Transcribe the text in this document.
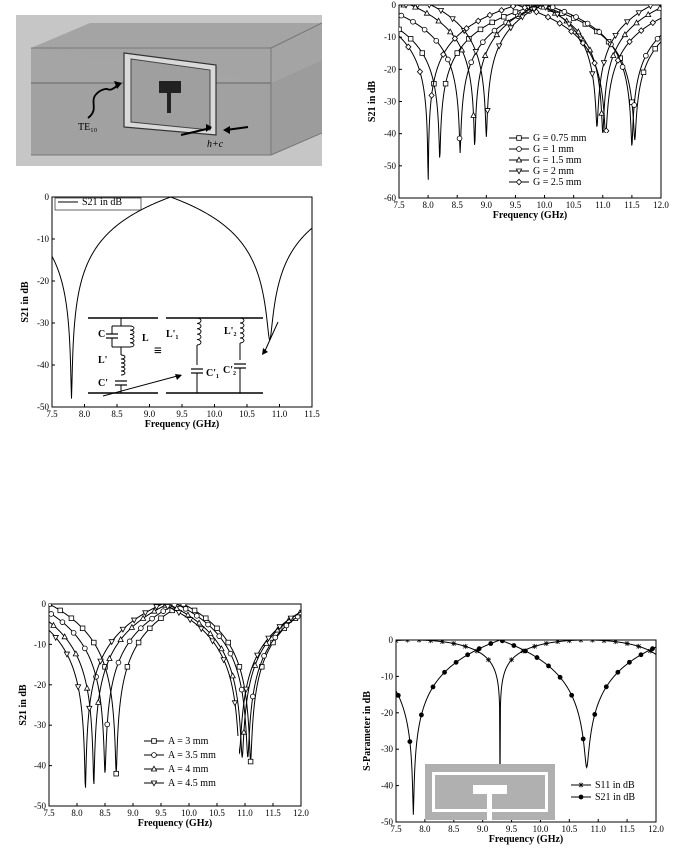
TE₁₀
h+c
7.5 8.0 8.5 9.0 9.5 10.0 10.5 11.0 11.5 12.0
0
-10
-20
-30
-40
-50
-60
Frequency (GHz)
S21 in dB
G = 0.75 mm
G = 1 mm
G = 1.5 mm
G = 2 mm
G = 2.5 mm
7.5 8.0 8.5 9.0 9.5 10.0 10.5 11.0 11.5
0
-10
-20
-30
-40
-50
Frequency (GHz)
S21 in dB
S21 in dB
C	L
L'
C'
L'₁
C'₁
L'₂
C'₂
≡
7.5 8.0 8.5 9.0 9.5 10.0 10.5 11.0 11.5 12.0
0
-10
-20
-30
-40
-50
Frequency (GHz)
S21 in dB
A = 3 mm
A = 3.5 mm
A = 4 mm
A = 4.5 mm
7.5 8.0 8.5 9.0 9.5 10.0 10.5 11.0 11.5 12.0
0
-10
-20
-30
-40
-50
Frequency (GHz)
S-Parameter in dB
S11 in dB
S21 in dB
